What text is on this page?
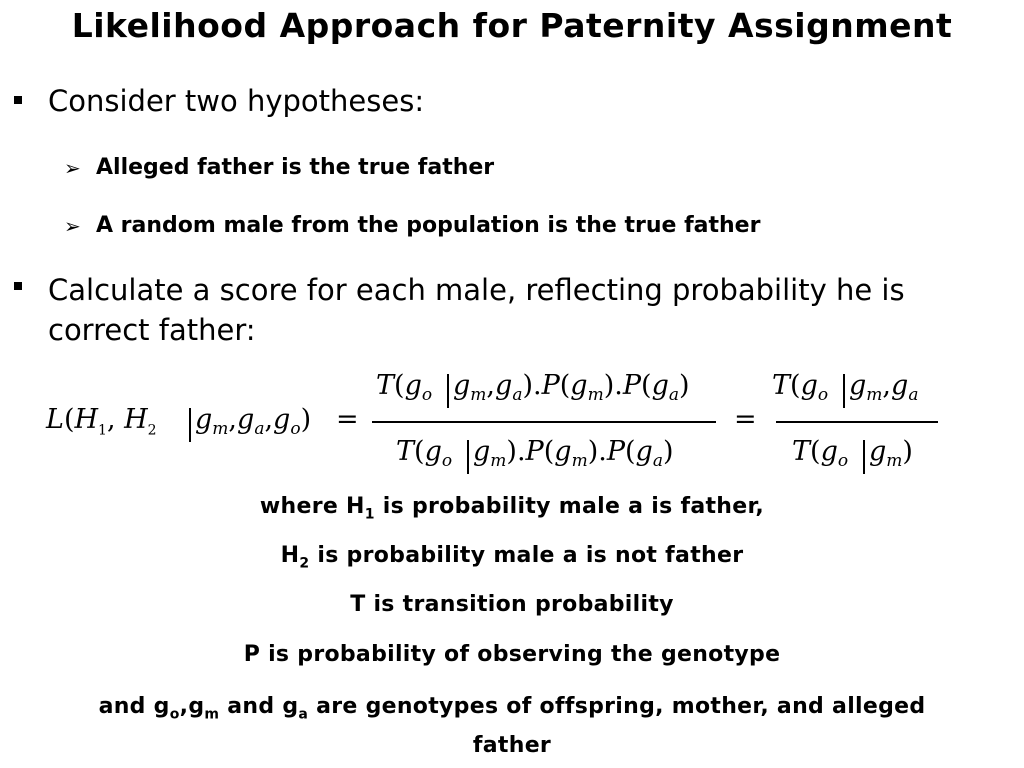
Likelihood Approach for Paternity Assignment
Consider two hypotheses:
➢ Alleged father is the true father
➢ A random male from the population is the true father
Calculate a score for each male, reflecting probability he is
correct father:
$L(H_1$, $H_2$ $g_m,g_a,g_o$) =
$T(g_o$ $g_m,g_a).P(g_m).P(g_a)$
$T(g_o$ $g_m).P(g_m).P(g_a)$
=
$T(g_o$ $g_m,g_a$
$T(g_o$ $g_m$)
where $H_1$ is probability male a is father,
$H_2$ is probability male a is not father
T is transition probability
P is probability of observing the genotype
and $g_o,g_m$ and $g_a$ are genotypes of offspring, mother, and alleged
father
